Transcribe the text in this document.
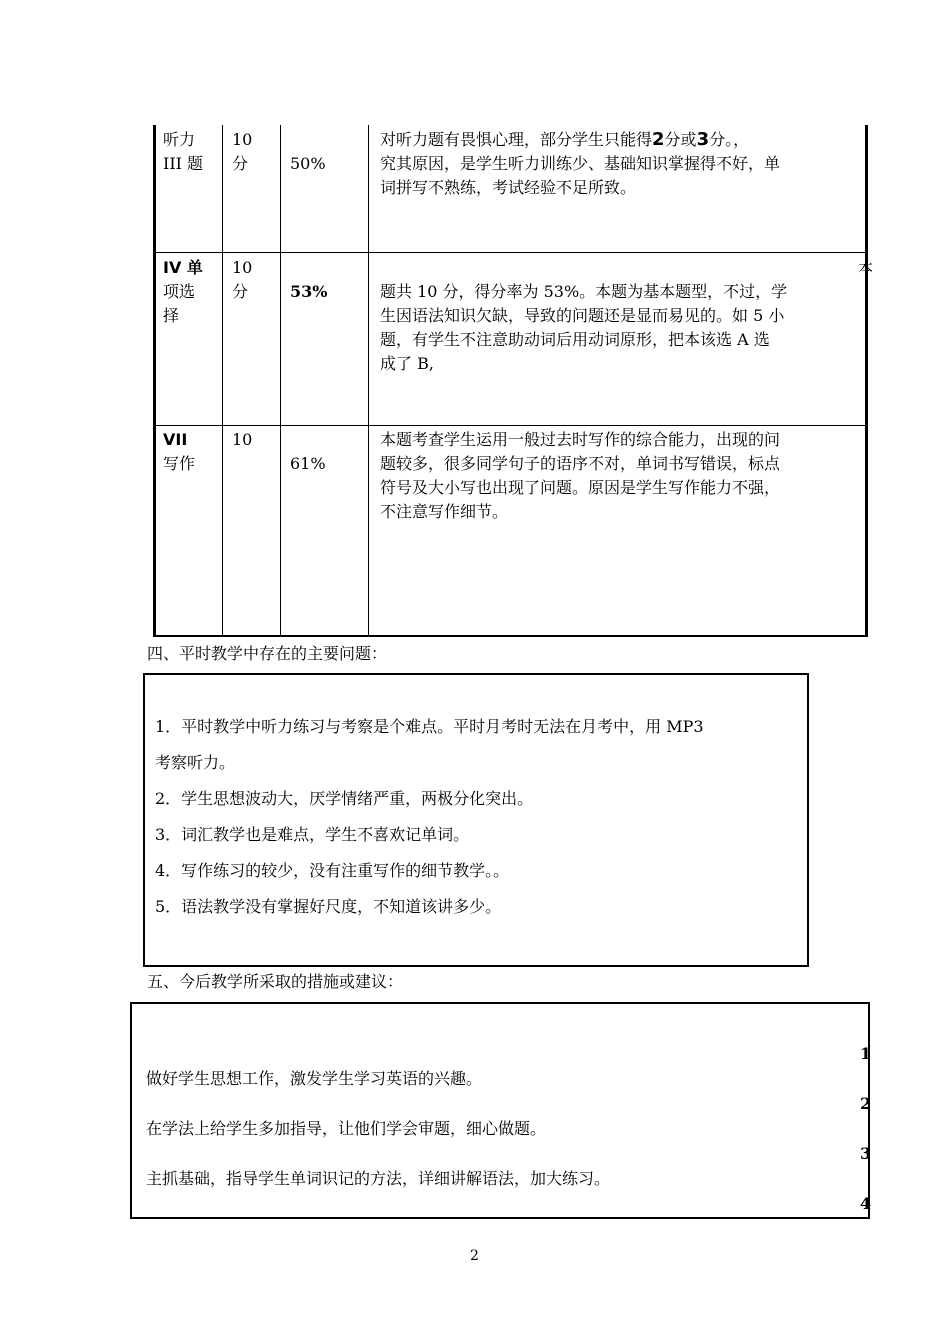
听力
III 题
10
分	50%
对听力题有畏惧心理，部分学生只能得2分或3分。，
究其原因，是学生听力训练少、基础知识掌握得不好，单
词拼写不熟练，考试经验不足所致。
IV 单
项选
择
10
分	53%
本
题共 10 分，得分率为 53%。本题为基本题型，不过，学
生因语法知识欠缺，导致的问题还是显而易见的。如 5 小
题，有学生不注意助动词后用动词原形，把本该选 A 选
成了 B,
VII
写作
10
61%
本题考查学生运用一般过去时写作的综合能力，出现的问
题较多，很多同学句子的语序不对，单词书写错误，标点
符号及大小写也出现了问题。原因是学生写作能力不强，
不注意写作细节。
四、平时教学中存在的主要问题：
1．平时教学中听力练习与考察是个难点。平时月考时无法在月考中，用 MP3
考察听力。
2．学生思想波动大，厌学情绪严重，两极分化突出。
3．词汇教学也是难点，学生不喜欢记单词。
4．写作练习的较少，没有注重写作的细节教学。。
5．语法教学没有掌握好尺度，不知道该讲多少。
五、今后教学所采取的措施或建议：
做好学生思想工作，激发学生学习英语的兴趣。
在学法上给学生多加指导，让他们学会审题，细心做题。
主抓基础，指导学生单词识记的方法，详细讲解语法，加大练习。
1
2
3
4
2
